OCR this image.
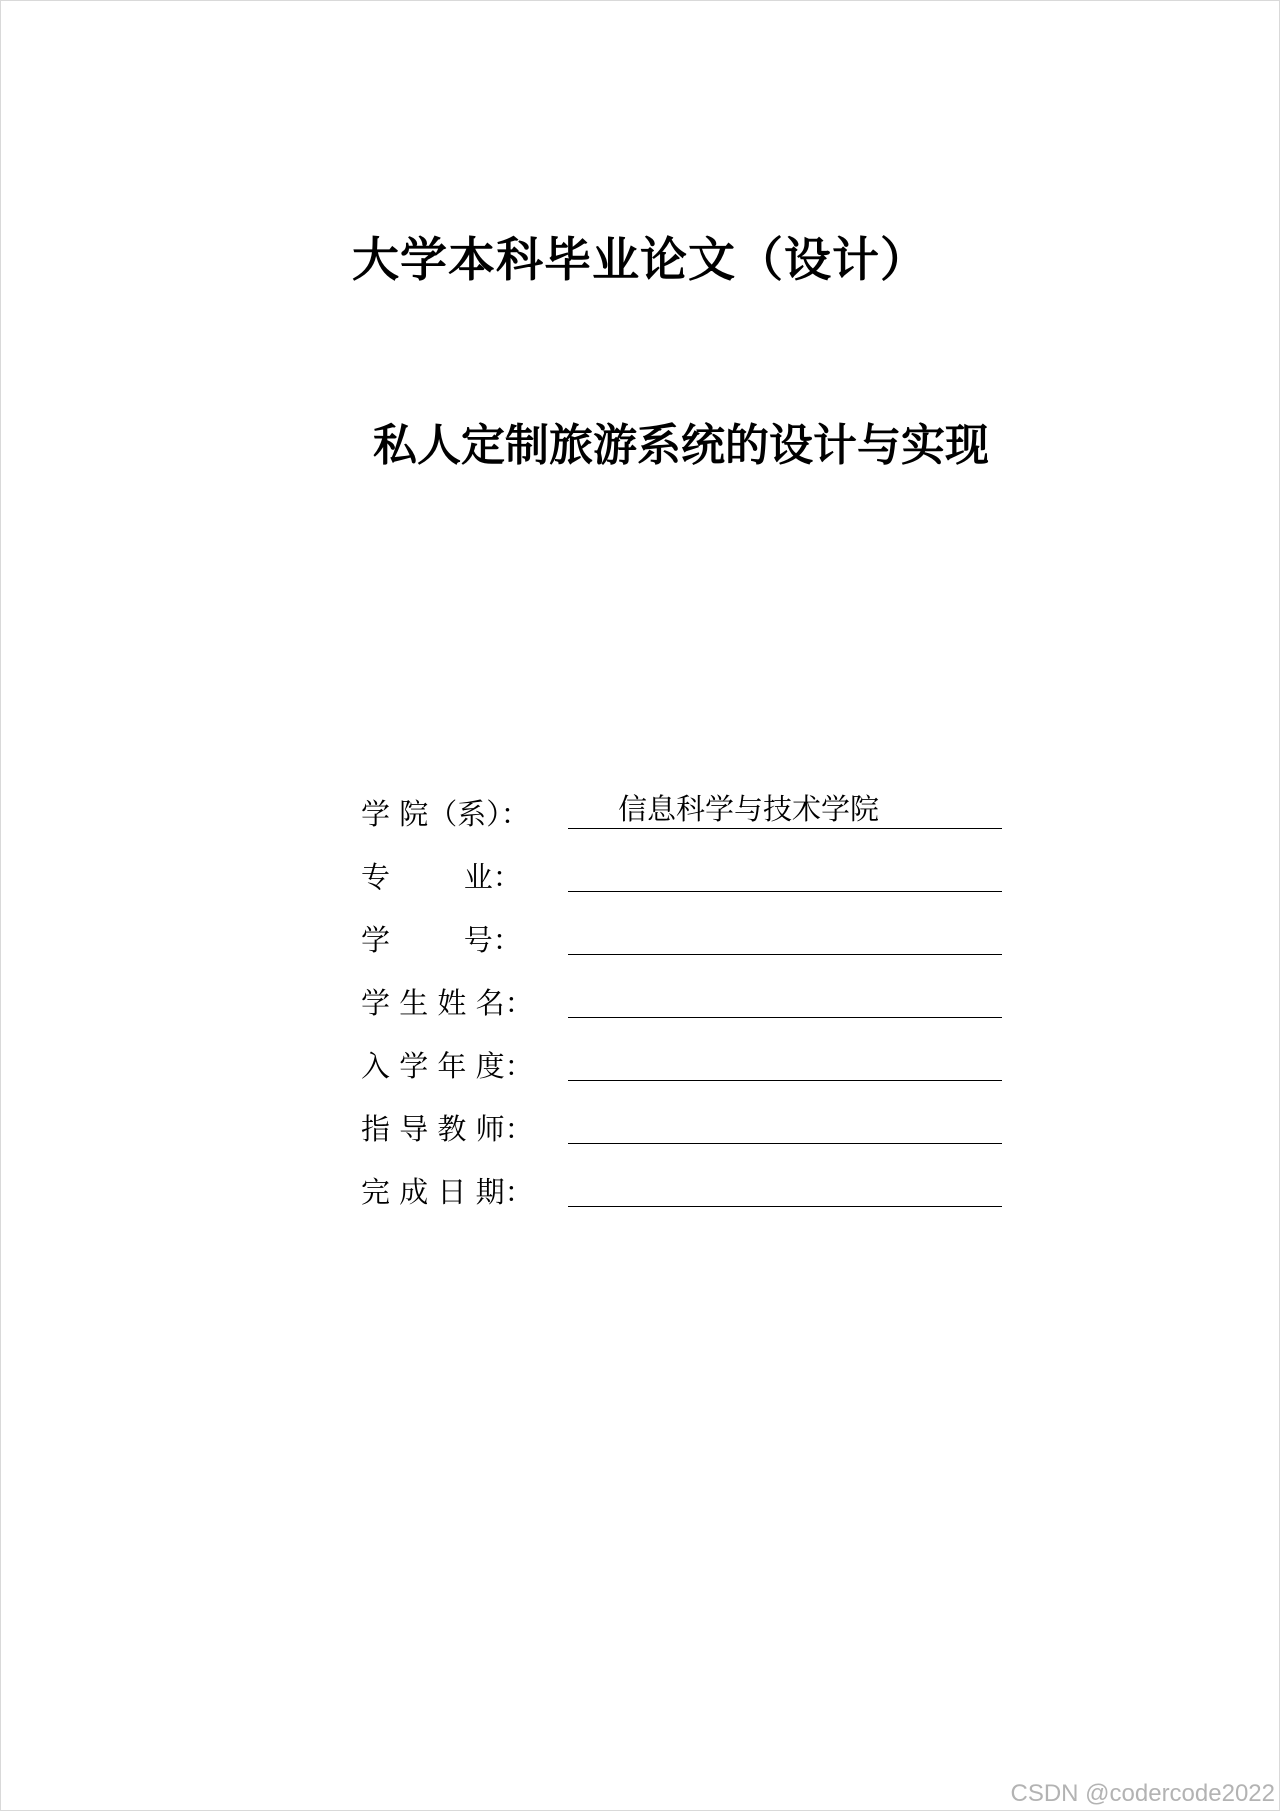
大学本科毕业论文（设计）
私人定制旅游系统的设计与实现
学 院（系）：	信息科学与技术学院
专        业：
学        号：
学 生 姓 名：
入 学 年 度：
指 导 教 师：
完 成 日 期：
CSDN @codercode2022
